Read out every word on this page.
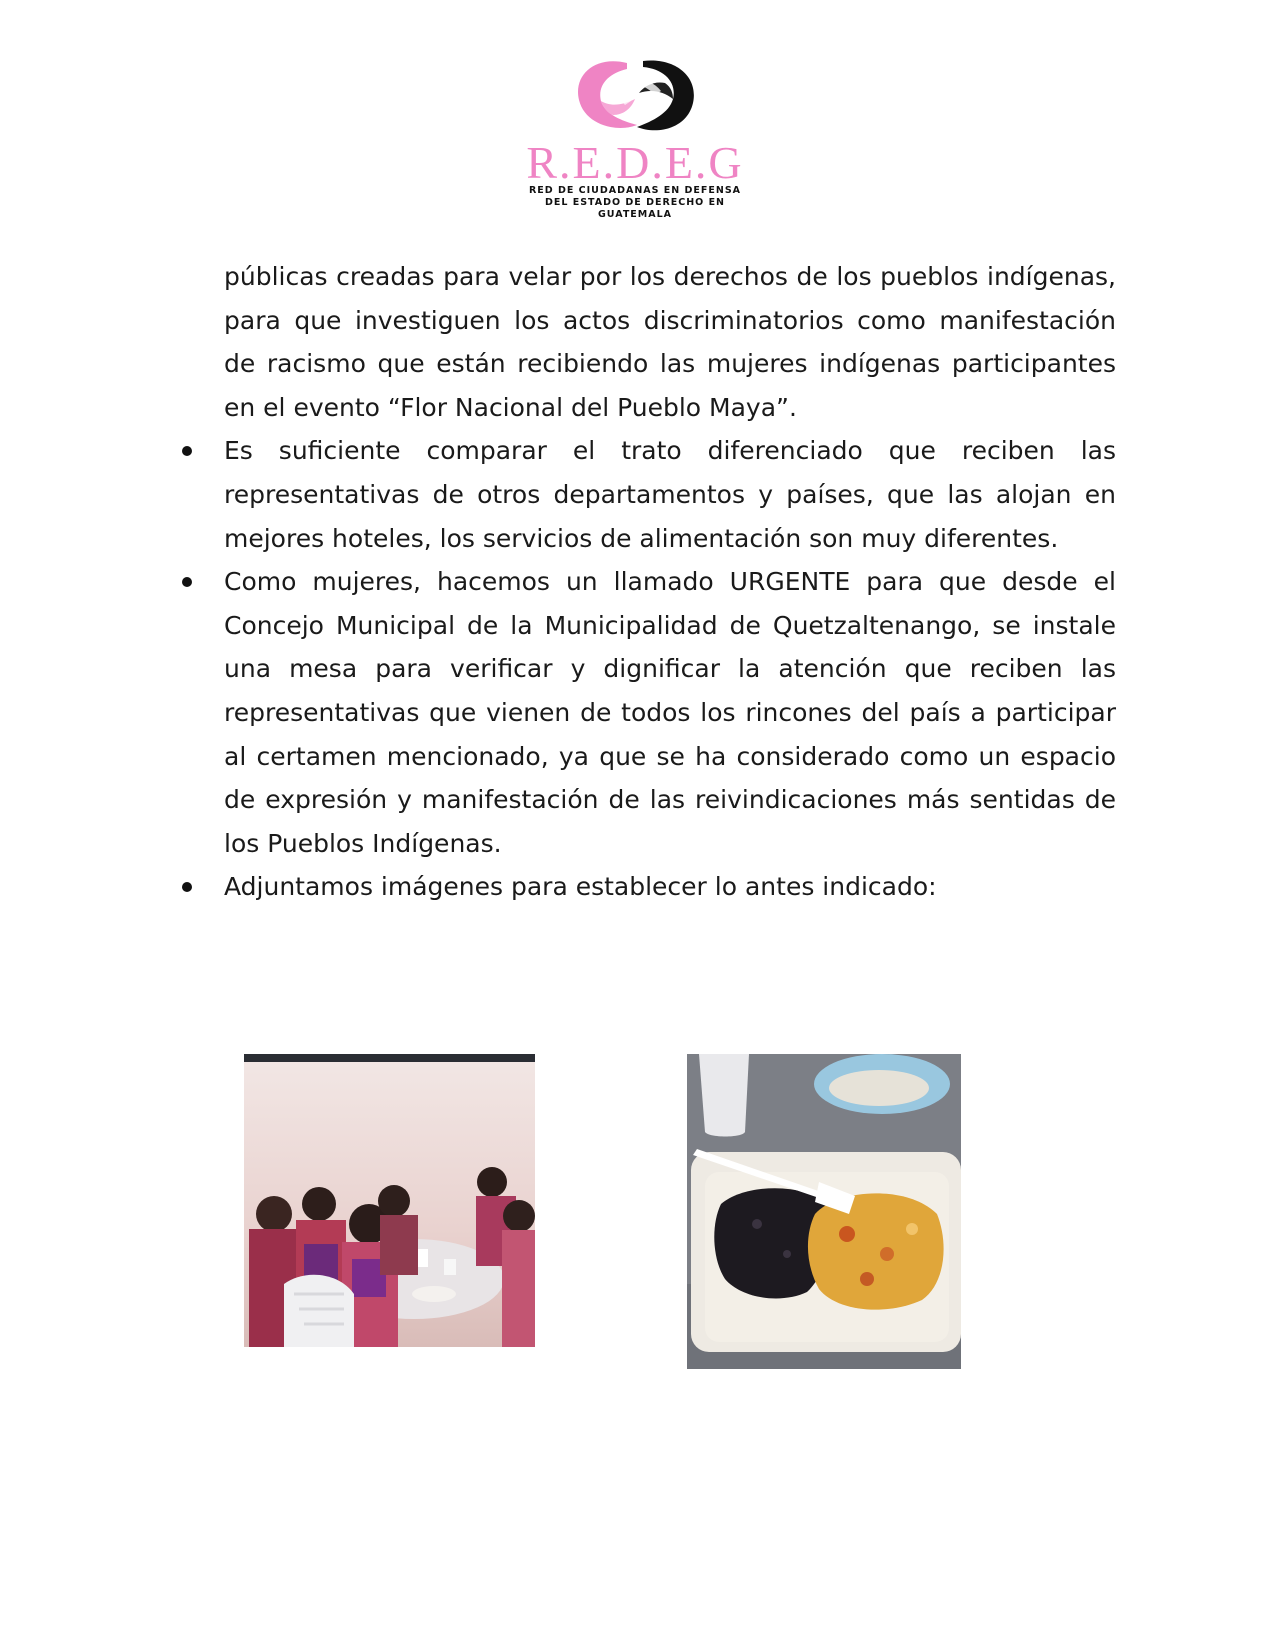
R.E.D.E.G
RED DE CIUDADANAS EN DEFENSA
DEL ESTADO DE DERECHO EN
GUATEMALA

públicas creadas para velar por los derechos de los pueblos indígenas, para que investiguen los actos discriminatorios como manifestación de racismo que están recibiendo las mujeres indígenas participantes en el evento “Flor Nacional del Pueblo Maya”.

Es suficiente comparar el trato diferenciado que reciben las representativas de otros departamentos y países, que las alojan en mejores hoteles, los servicios de alimentación son muy diferentes.
Como mujeres, hacemos un llamado URGENTE para que desde el Concejo Municipal de la Municipalidad de Quetzaltenango, se instale una mesa para verificar y dignificar la atención que reciben las representativas que vienen de todos los rincones del país a participar al certamen mencionado, ya que se ha considerado como un espacio de expresión y manifestación de las reivindicaciones más sentidas de los Pueblos Indígenas.
Adjuntamos imágenes para establecer lo antes indicado:
